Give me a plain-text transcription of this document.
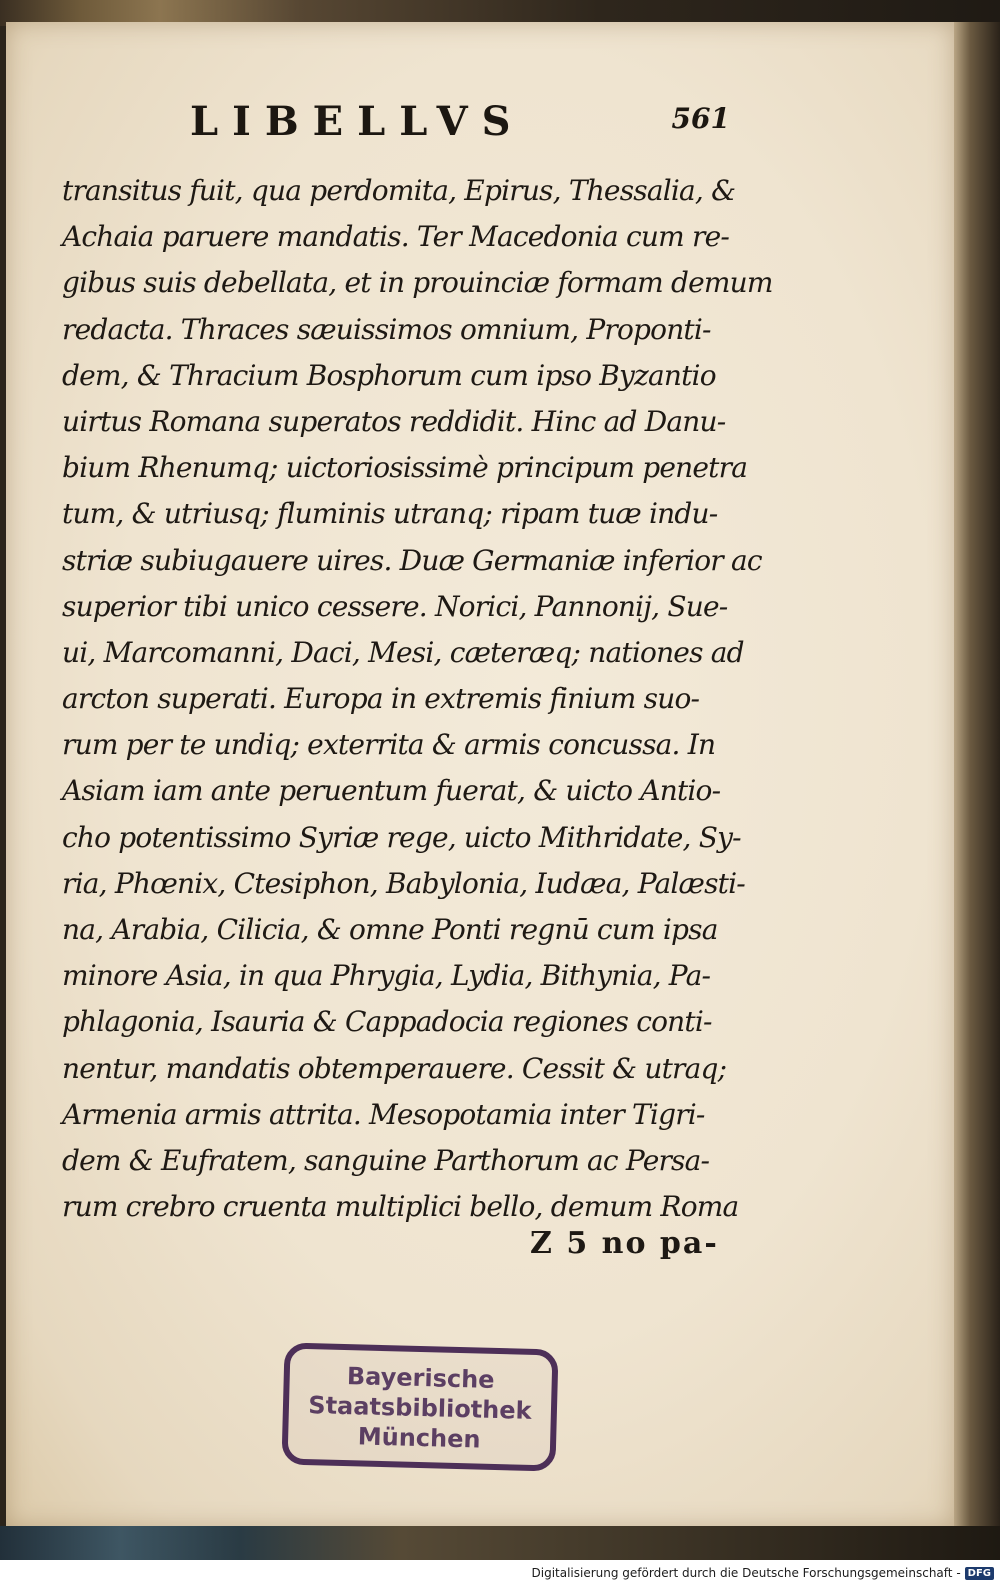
LIBELLVS	561
transitus fuit, qua perdomita, Epirus, Thessalia, &
Achaia paruere mandatis. Ter Macedonia cum re-
gibus suis debellata, et in prouinciæ formam demum
redacta. Thraces sæuissimos omnium, Proponti-
dem, & Thracium Bosphorum cum ipso Byzantio
uirtus Romana superatos reddidit. Hinc ad Danu-
bium Rhenumq; uictoriosissimè principum penetra
tum, & utriusq; fluminis utranq; ripam tuæ indu-
striæ subiugauere uires. Duæ Germaniæ inferior ac
superior tibi unico cessere. Norici, Pannonij, Sue-
ui, Marcomanni, Daci, Mesi, cæteræq; nationes ad
arcton superati. Europa in extremis finium suo-
rum per te undiq; exterrita & armis concussa. In
Asiam iam ante peruentum fuerat, & uicto Antio-
cho potentissimo Syriæ rege, uicto Mithridate, Sy-
ria, Phœnix, Ctesiphon, Babylonia, Iudæa, Palæsti-
na, Arabia, Cilicia, & omne Ponti regnū cum ipsa
minore Asia, in qua Phrygia, Lydia, Bithynia, Pa-
phlagonia, Isauria & Cappadocia regiones conti-
nentur, mandatis obtemperauere. Cessit & utraq;
Armenia armis attrita. Mesopotamia inter Tigri-
dem & Eufratem, sanguine Parthorum ac Persa-
rum crebro cruenta multiplici bello, demum Roma
Z 5 no pa-
Bayerische
Staatsbibliothek
München
Digitalisierung gefördert durch die Deutsche Forschungsgemeinschaft - DFG
